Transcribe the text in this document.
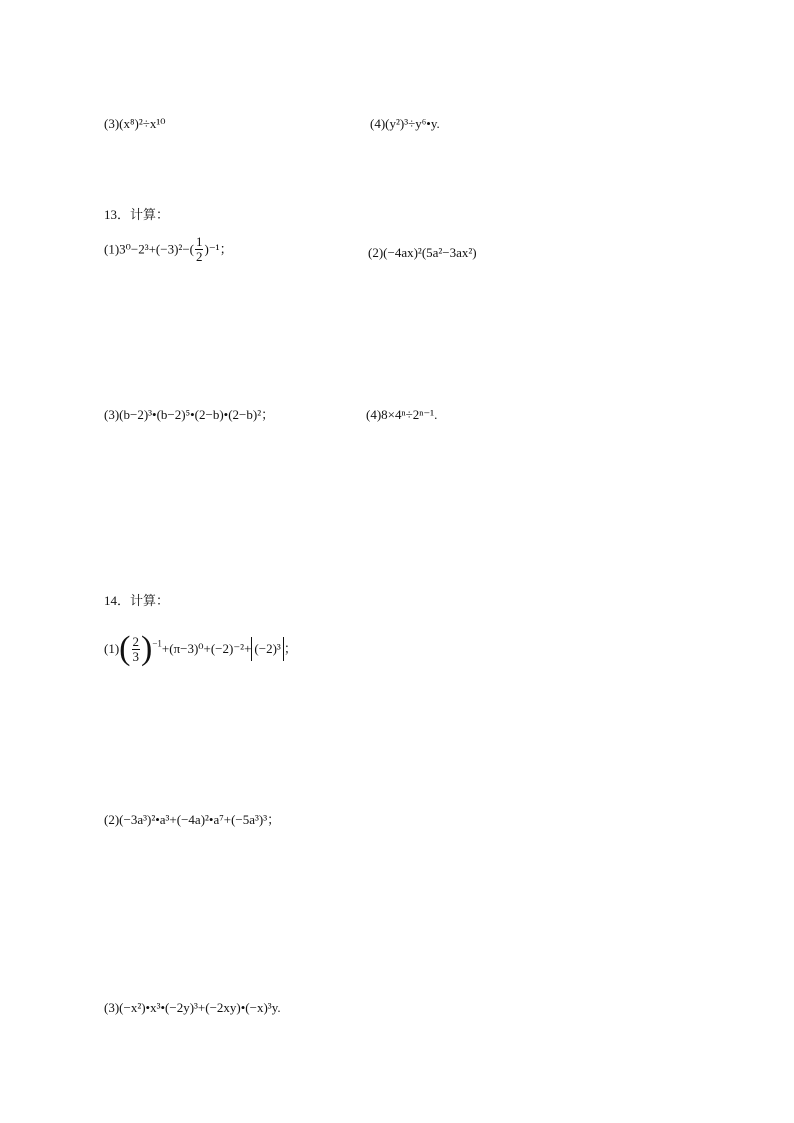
(3)(x⁸)²÷x¹⁰	(4)(y²)³÷y⁶•y.
13．计算：
$(1)3^0-2^3+(-3)^2-( \frac{1}{2} )^{-1}$；	(2)(−4ax)²(5a²−3ax²)
(3)(b−2)³•(b−2)⁵•(2−b)•(2−b)²；	(4)8×4ⁿ÷2ⁿ⁻¹.
14．计算：
$(1)( \frac{2}{3} )^{-1}+(\pi-3)^0+(-2)^{-2}+ (-2)^3$ ；
(2)(−3a³)²•a³+(−4a)²•a⁷+(−5a³)³；
(3)(−x²)•x³•(−2y)³+(−2xy)•(−x)³y.
